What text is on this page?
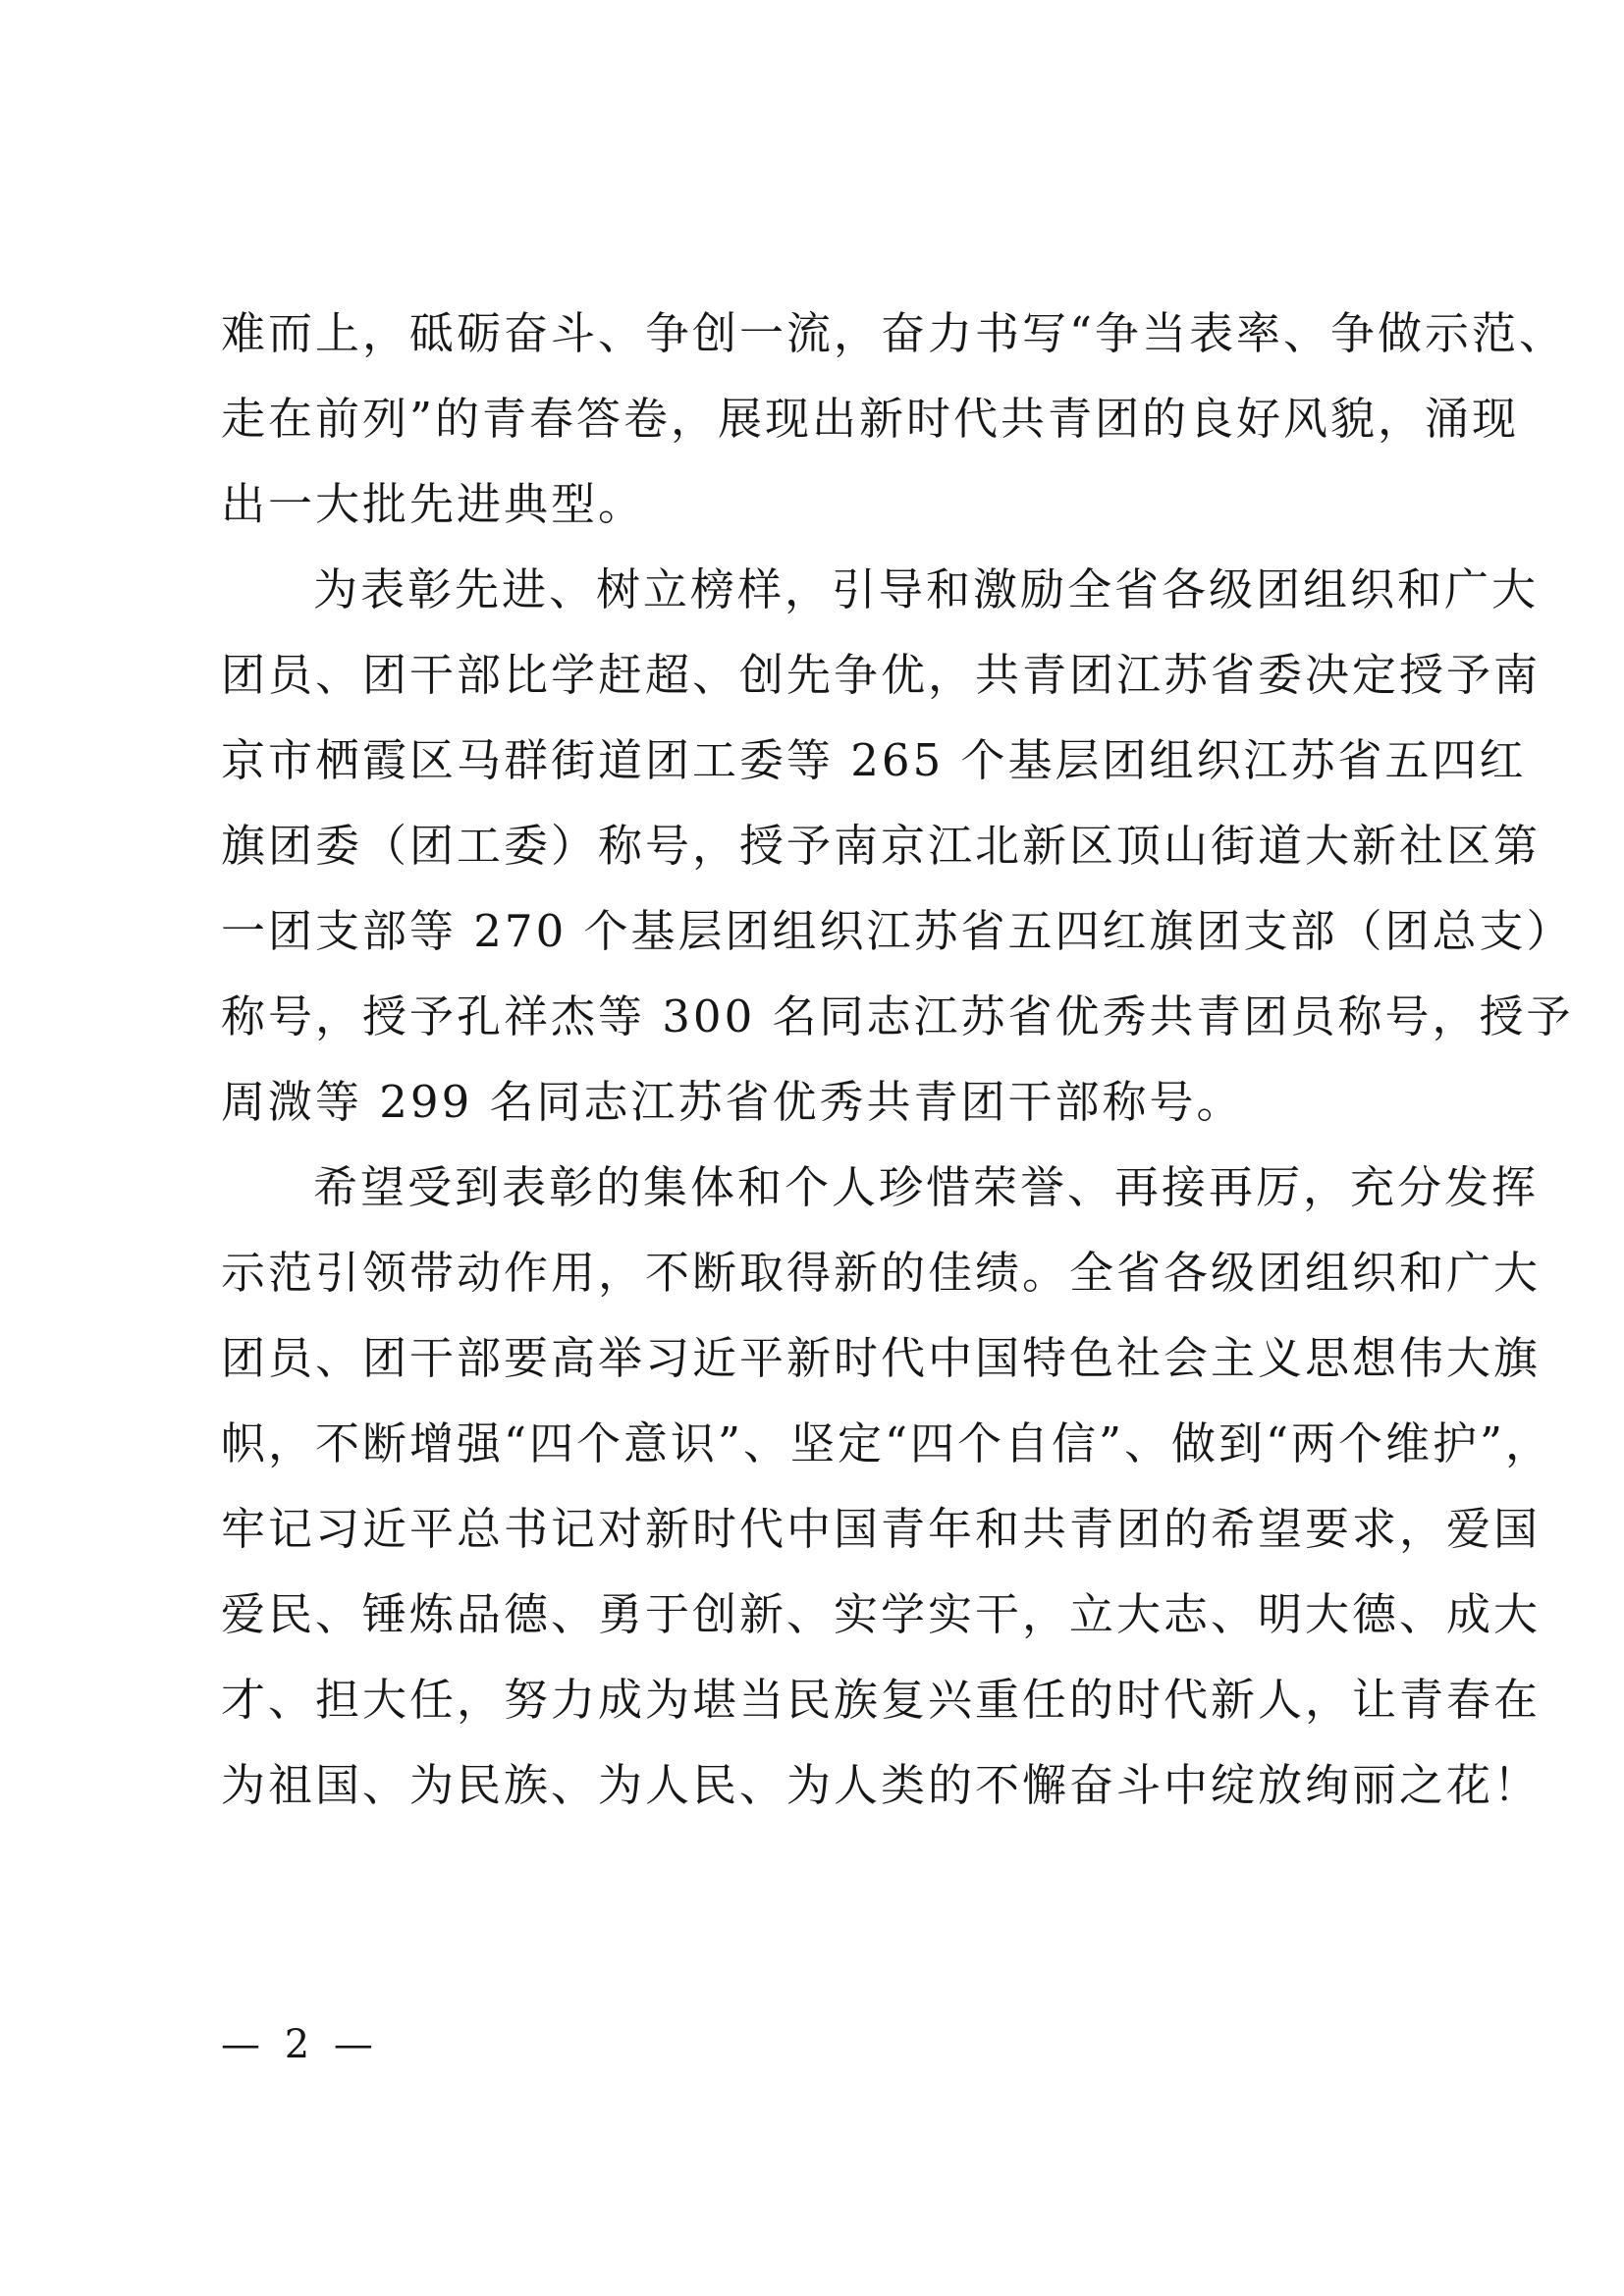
难而上，砥砺奋斗、争创一流，奋力书写“争当表率、争做示范、
走在前列”的青春答卷，展现出新时代共青团的良好风貌，涌现
出一大批先进典型。
为表彰先进、树立榜样，引导和激励全省各级团组织和广大
团员、团干部比学赶超、创先争优，共青团江苏省委决定授予南
京市栖霞区马群街道团工委等 265 个基层团组织江苏省五四红
旗团委（团工委）称号，授予南京江北新区顶山街道大新社区第
一团支部等 270 个基层团组织江苏省五四红旗团支部（团总支）
称号，授予孔祥杰等 300 名同志江苏省优秀共青团员称号，授予
周溦等 299 名同志江苏省优秀共青团干部称号。
希望受到表彰的集体和个人珍惜荣誉、再接再厉，充分发挥
示范引领带动作用，不断取得新的佳绩。全省各级团组织和广大
团员、团干部要高举习近平新时代中国特色社会主义思想伟大旗
帜，不断增强“四个意识”、坚定“四个自信”、做到“两个维护”，
牢记习近平总书记对新时代中国青年和共青团的希望要求，爱国
爱民、锤炼品德、勇于创新、实学实干，立大志、明大德、成大
才、担大任，努力成为堪当民族复兴重任的时代新人，让青春在
为祖国、为民族、为人民、为人类的不懈奋斗中绽放绚丽之花！
— 2 —
